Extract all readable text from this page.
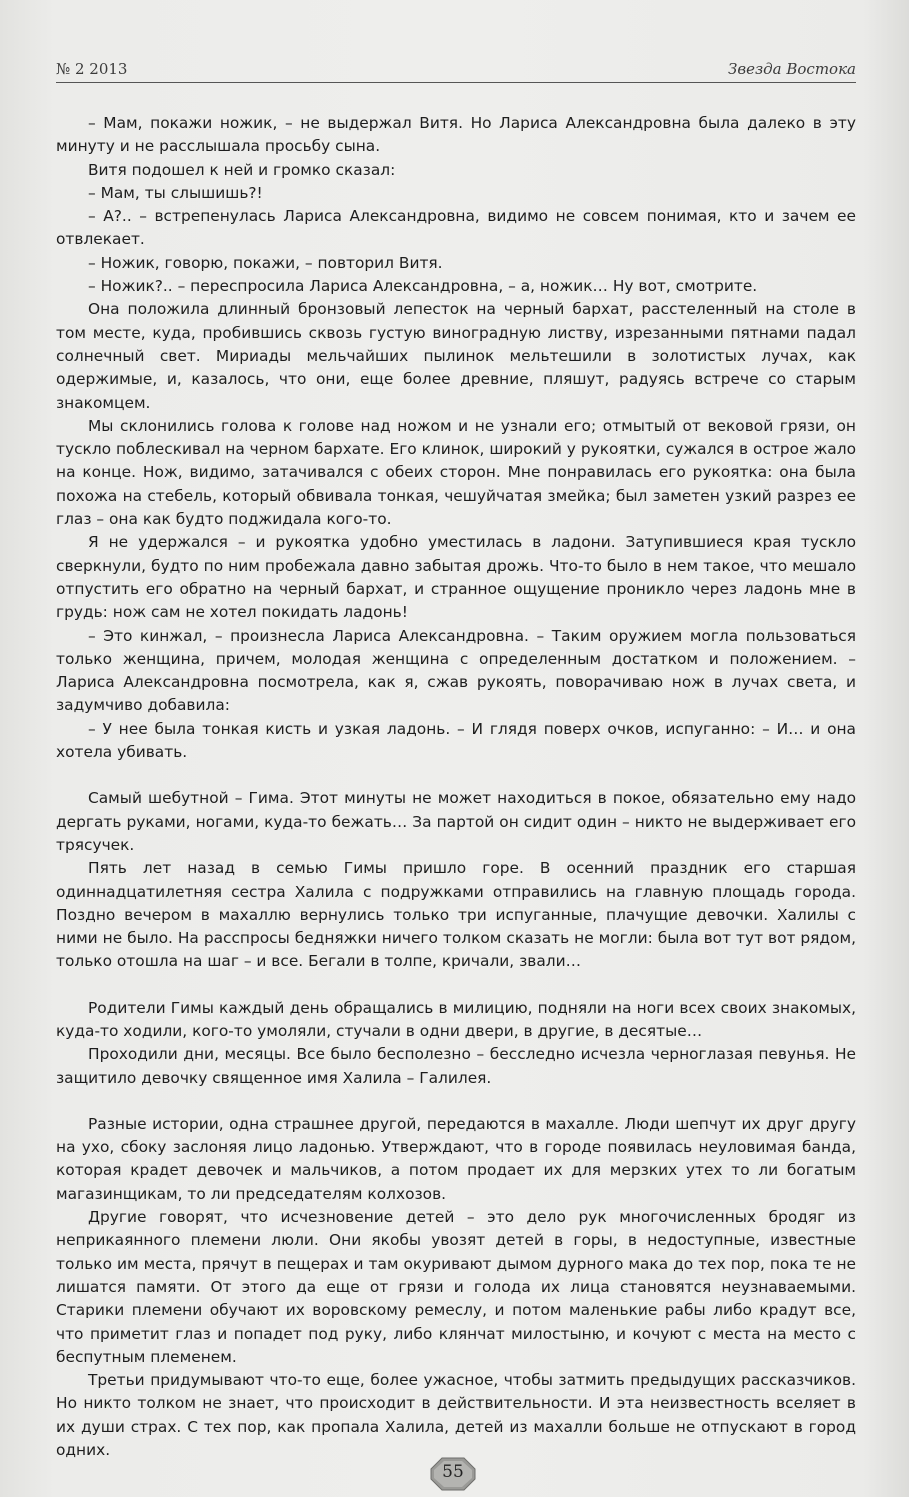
№ 2 2013	Звезда Востока

– Мам, покажи ножик, – не выдержал Витя. Но Лариса Александровна была далеко в эту минуту и не расслышала просьбу сына.

Витя подошел к ней и громко сказал:

– Мам, ты слышишь?!

– А?.. – встрепенулась Лариса Александровна, видимо не совсем понимая, кто и зачем ее отвлекает.

– Ножик, говорю, покажи, – повторил Витя.

– Ножик?.. – переспросила Лариса Александровна, – а, ножик… Ну вот, смотрите.

Она положила длинный бронзовый лепесток на черный бархат, расстеленный на столе в том месте, куда, пробившись сквозь густую виноградную листву, изрезанными пятнами падал солнечный свет. Мириады мельчайших пылинок мельтешили в золотистых лучах, как одержимые, и, казалось, что они, еще более древние, пляшут, радуясь встрече со старым знакомцем.

Мы склонились голова к голове над ножом и не узнали его; отмытый от вековой грязи, он тускло поблескивал на черном бархате. Его клинок, широкий у рукоятки, сужался в острое жало на конце. Нож, видимо, затачивался с обеих сторон. Мне понравилась его рукоятка: она была похожа на стебель, который обвивала тонкая, чешуйчатая змейка; был заметен узкий разрез ее глаз – она как будто поджидала кого-то.

Я не удержался – и рукоятка удобно уместилась в ладони. Затупившиеся края тускло сверкнули, будто по ним пробежала давно забытая дрожь. Что-то было в нем такое, что мешало отпустить его обратно на черный бархат, и странное ощущение проникло через ладонь мне в грудь: нож сам не хотел покидать ладонь!

– Это кинжал, – произнесла Лариса Александровна. – Таким оружием могла пользоваться только женщина, причем, молодая женщина с определенным достатком и положением. – Лариса Александровна посмотрела, как я, сжав рукоять, поворачиваю нож в лучах света, и задумчиво добавила:

– У нее была тонкая кисть и узкая ладонь. – И глядя поверх очков, испуганно: – И… и она хотела убивать.

Самый шебутной – Гима. Этот минуты не может находиться в покое, обязательно ему надо дергать руками, ногами, куда-то бежать… За партой он сидит один – никто не выдерживает его трясучек.

Пять лет назад в семью Гимы пришло горе. В осенний праздник его старшая одиннадцатилетняя сестра Халила с подружками отправились на главную площадь города. Поздно вечером в махаллю вернулись только три испуганные, плачущие девочки. Халилы с ними не было. На расспросы бедняжки ничего толком сказать не могли: была вот тут вот рядом, только отошла на шаг – и все. Бегали в толпе, кричали, звали…

Родители Гимы каждый день обращались в милицию, подняли на ноги всех своих знакомых, куда-то ходили, кого-то умоляли, стучали в одни двери, в другие, в десятые…

Проходили дни, месяцы. Все было бесполезно – бесследно исчезла черноглазая певунья. Не защитило девочку священное имя Халила – Галилея.

Разные истории, одна страшнее другой, передаются в махалле. Люди шепчут их друг другу на ухо, сбоку заслоняя лицо ладонью. Утверждают, что в городе появилась неуловимая банда, которая крадет девочек и мальчиков, а потом продает их для мерзких утех то ли богатым магазинщикам, то ли председателям колхозов.

Другие говорят, что исчезновение детей – это дело рук многочисленных бродяг из неприкаянного племени люли. Они якобы увозят детей в горы, в недоступные, известные только им места, прячут в пещерах и там окуривают дымом дурного мака до тех пор, пока те не лишатся памяти. От этого да еще от грязи и голода их лица становятся неузнаваемыми. Старики племени обучают их воровскому ремеслу, и потом маленькие рабы либо крадут все, что приметит глаз и попадет под руку, либо клянчат милостыню, и кочуют с места на место с беспутным племенем.

Третьи придумывают что-то еще, более ужасное, чтобы затмить предыдущих рассказчиков. Но никто толком не знает, что происходит в действительности. И эта неизвестность вселяет в их души страх. С тех пор, как пропала Халила, детей из махалли больше не отпускают в город одних.

55
